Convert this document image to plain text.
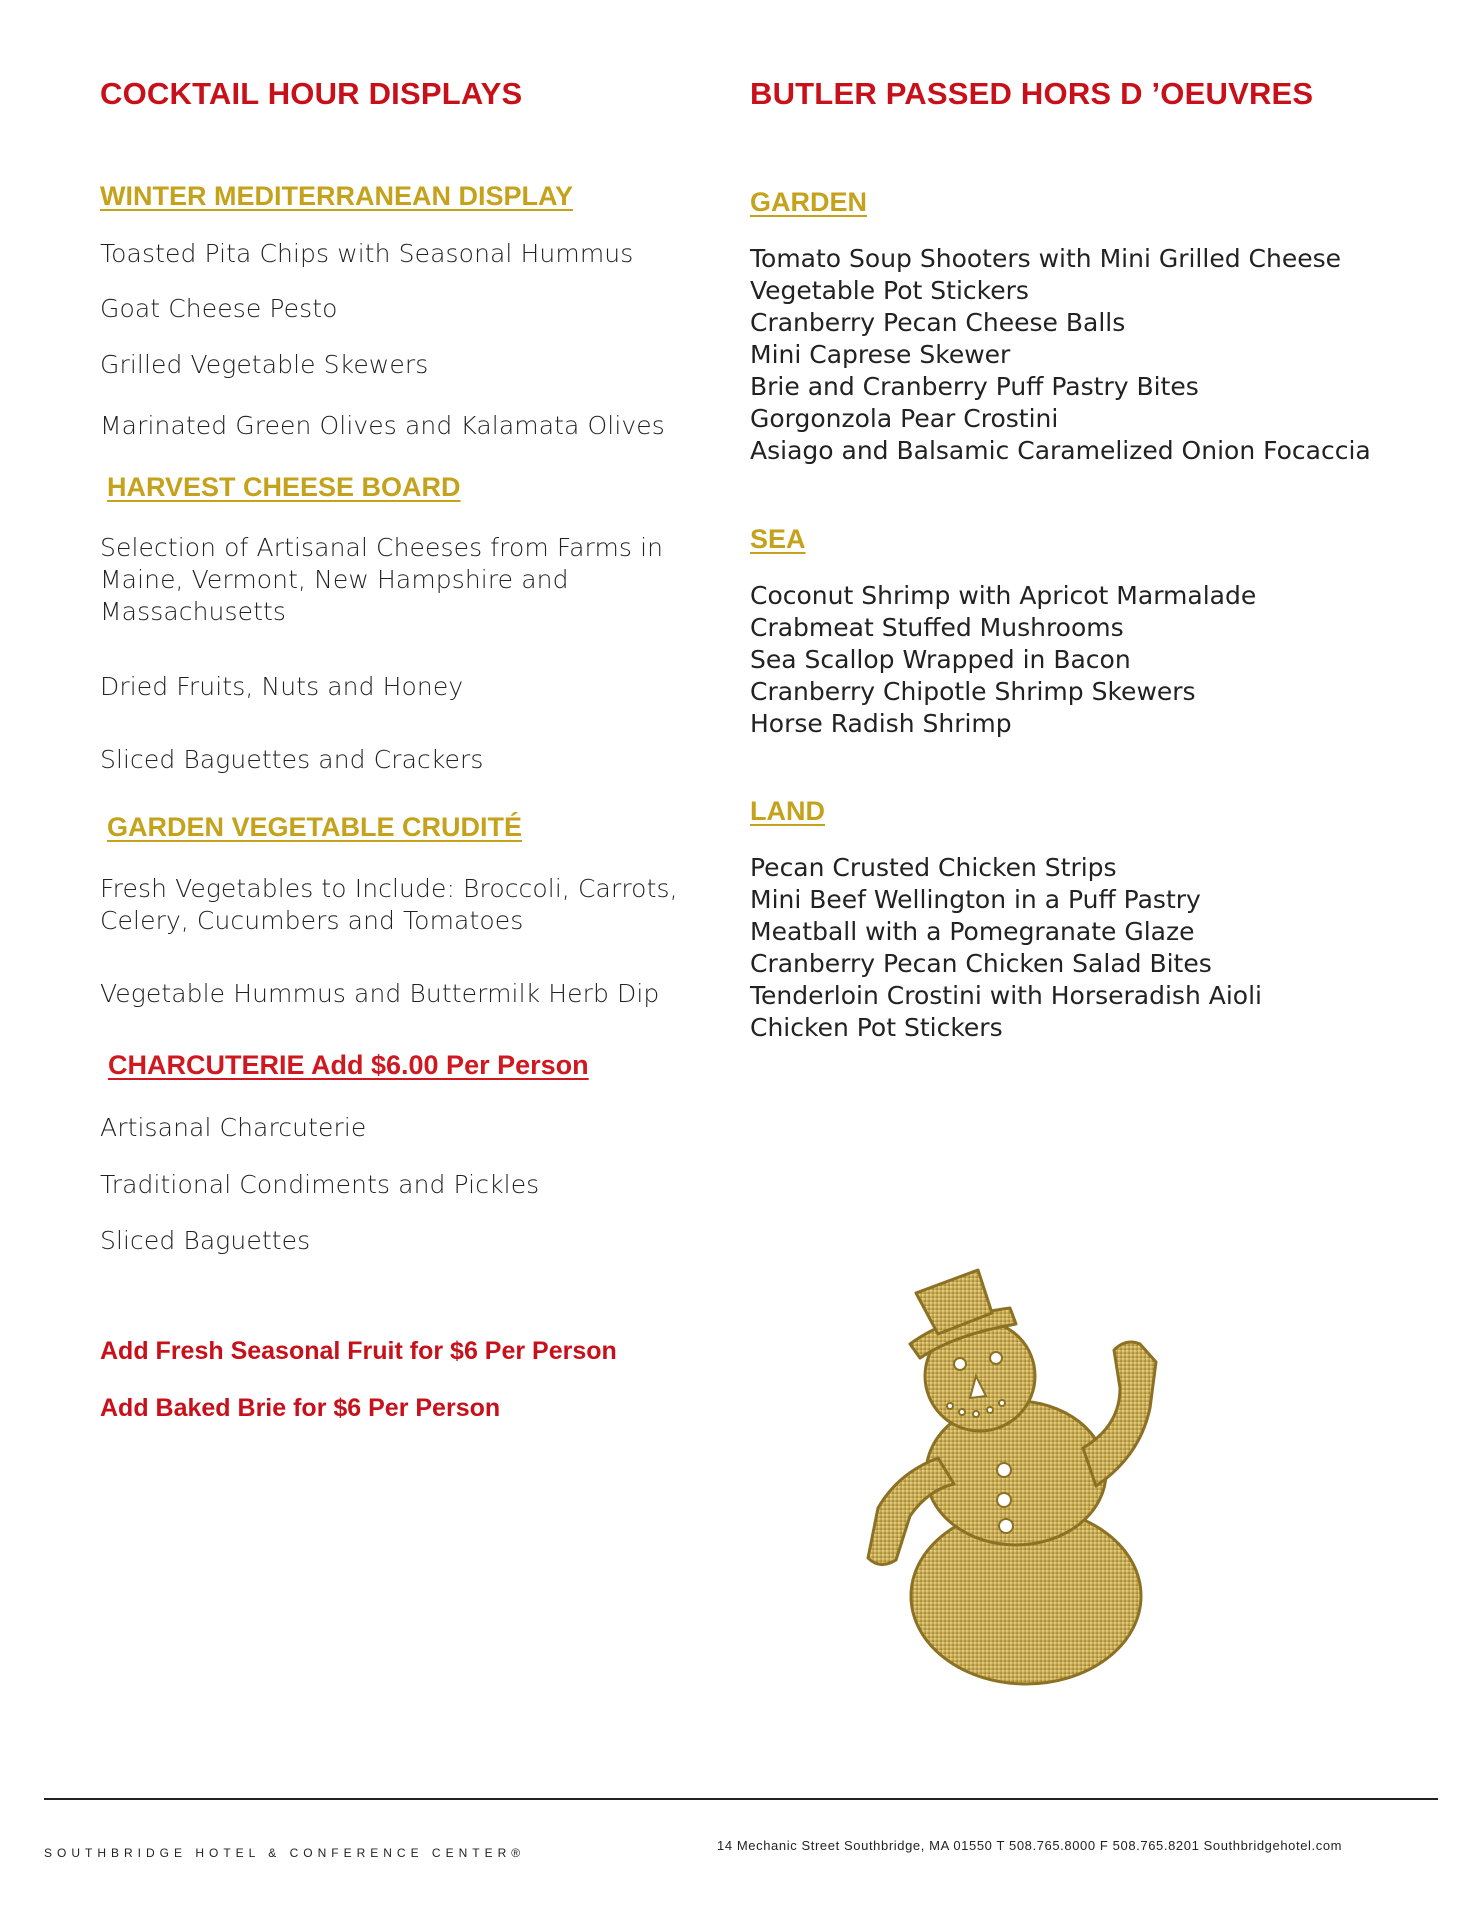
COCKTAIL HOUR DISPLAYS
WINTER MEDITERRANEAN DISPLAY

Toasted Pita Chips with Seasonal Hummus

Goat Cheese Pesto

Grilled Vegetable Skewers

Marinated Green Olives and Kalamata Olives

HARVEST CHEESE BOARD

Selection of Artisanal Cheeses from Farms in Maine, Vermont, New Hampshire and Massachusetts

Dried Fruits, Nuts and Honey

Sliced Baguettes and Crackers

GARDEN VEGETABLE CRUDITÉ

Fresh Vegetables to Include: Broccoli, Carrots, Celery, Cucumbers and Tomatoes

Vegetable Hummus and Buttermilk Herb Dip

CHARCUTERIE Add $6.00 Per Person

Artisanal Charcuterie

Traditional Condiments and Pickles

Sliced Baguettes

Add Fresh Seasonal Fruit for $6 Per Person

Add Baked Brie for $6 Per Person

BUTLER PASSED HORS D ’OEUVRES
GARDEN
Tomato Soup Shooters with Mini Grilled Cheese
Vegetable Pot Stickers
Cranberry Pecan Cheese Balls
Mini Caprese Skewer
Brie and Cranberry Puff Pastry Bites
Gorgonzola Pear Crostini
Asiago and Balsamic Caramelized Onion Focaccia
SEA
Coconut Shrimp with Apricot Marmalade
Crabmeat Stuffed Mushrooms
Sea Scallop Wrapped in Bacon
Cranberry Chipotle Shrimp Skewers
Horse Radish Shrimp
LAND
Pecan Crusted Chicken Strips
Mini Beef Wellington in a Puff Pastry
Meatball with a Pomegranate Glaze
Cranberry Pecan Chicken Salad Bites
Tenderloin Crostini with Horseradish Aioli
Chicken Pot Stickers

SOUTHBRIDGE HOTEL & CONFERENCE CENTER®	14 Mechanic Street Southbridge, MA 01550 T 508.765.8000 F 508.765.8201 Southbridgehotel.com
